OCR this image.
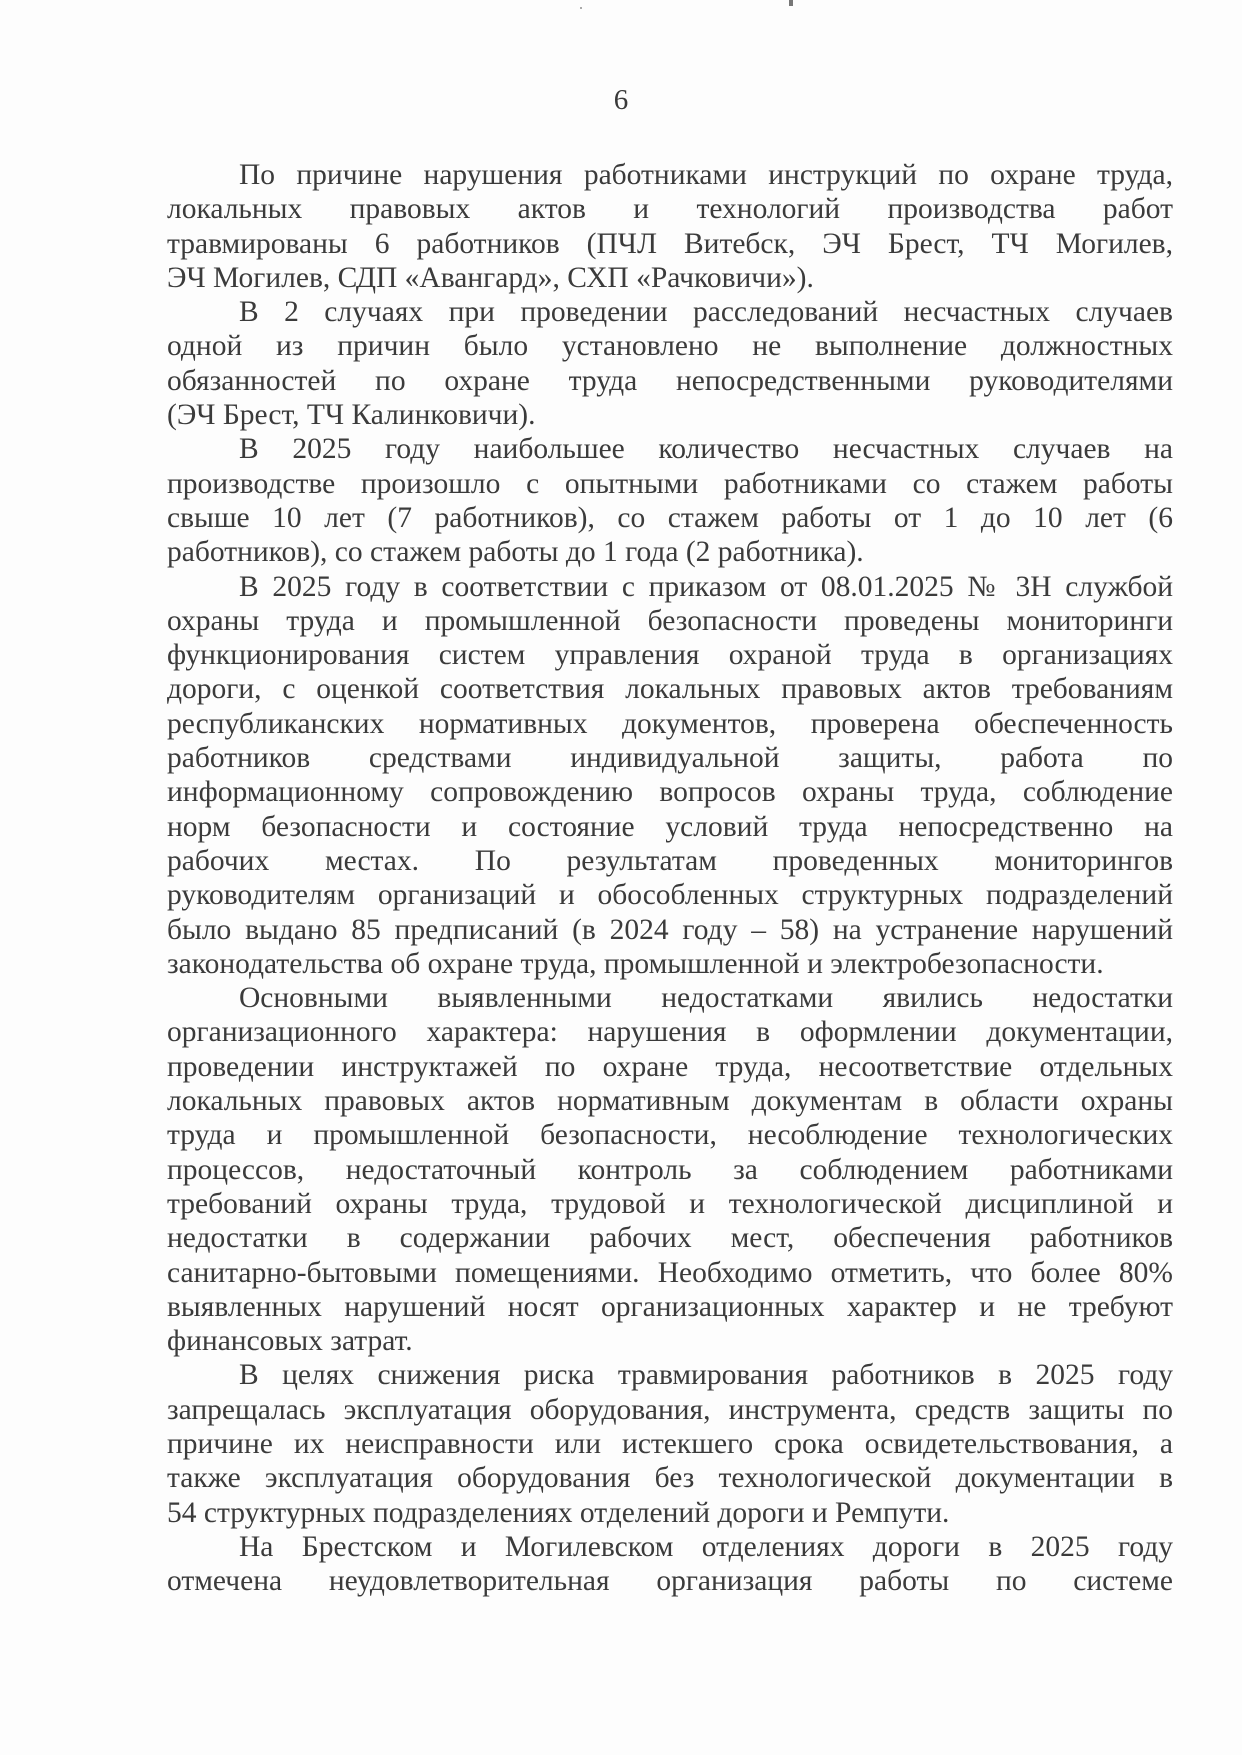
6
По причине нарушения работниками инструкций по охране труда,
локальных правовых актов и технологий производства работ
травмированы 6 работников (ПЧЛ Витебск, ЭЧ Брест, ТЧ Могилев,
ЭЧ Могилев, СДП «Авангард», СХП «Рачковичи»).
В 2 случаях при проведении расследований несчастных случаев
одной из причин было установлено не выполнение должностных
обязанностей по охране труда непосредственными руководителями
(ЭЧ Брест, ТЧ Калинковичи).
В 2025 году наибольшее количество несчастных случаев на
производстве произошло с опытными работниками со стажем работы
свыше 10 лет (7 работников), со стажем работы от 1 до 10 лет (6
работников), со стажем работы до 1 года (2 работника).
В 2025 году в соответствии с приказом от 08.01.2025 № 3Н службой
охраны труда и промышленной безопасности проведены мониторинги
функционирования систем управления охраной труда в организациях
дороги, с оценкой соответствия локальных правовых актов требованиям
республиканских нормативных документов, проверена обеспеченность
работников средствами индивидуальной защиты, работа по
информационному сопровождению вопросов охраны труда, соблюдение
норм безопасности и состояние условий труда непосредственно на
рабочих местах. По результатам проведенных мониторингов
руководителям организаций и обособленных структурных подразделений
было выдано 85 предписаний (в 2024 году – 58) на устранение нарушений
законодательства об охране труда, промышленной и электробезопасности.
Основными выявленными недостатками явились недостатки
организационного характера: нарушения в оформлении документации,
проведении инструктажей по охране труда, несоответствие отдельных
локальных правовых актов нормативным документам в области охраны
труда и промышленной безопасности, несоблюдение технологических
процессов, недостаточный контроль за соблюдением работниками
требований охраны труда, трудовой и технологической дисциплиной и
недостатки в содержании рабочих мест, обеспечения работников
санитарно-бытовыми помещениями. Необходимо отметить, что более 80%
выявленных нарушений носят организационных характер и не требуют
финансовых затрат.
В целях снижения риска травмирования работников в 2025 году
запрещалась эксплуатация оборудования, инструмента, средств защиты по
причине их неисправности или истекшего срока освидетельствования, а
также эксплуатация оборудования без технологической документации в
54 структурных подразделениях отделений дороги и Ремпути.
На Брестском и Могилевском отделениях дороги в 2025 году
отмечена неудовлетворительная организация работы по системе
